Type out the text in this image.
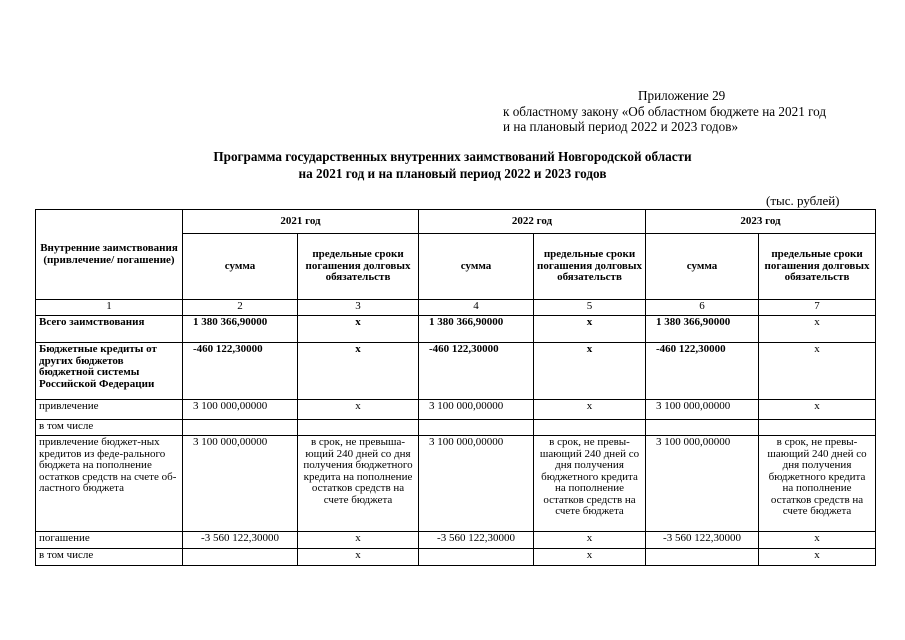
Приложение 29
к областному закону «Об областном бюджете на 2021 год
и на плановый период 2022 и 2023 годов»
Программа государственных внутренних заимствований Новгородской области
на 2021 год и на плановый период 2022 и 2023 годов
(тыс. рублей)
Внутренние заимствования (привлечение/ погашение)	2021 год		2022 год		2023 год	
	сумма	предельные сроки погашения долговых обязательств	сумма	предельные сроки погашения долговых обязательств	сумма	предельные сроки погашения долговых обязательств
1	2	3	4	5	6	7
Всего заимствования	1 380 366,90000	x	1 380 366,90000	x	1 380 366,90000	x
Бюджетные кредиты от других бюджетов бюджетной системы Российской Федерации	-460 122,30000	x	-460 122,30000	x	-460 122,30000	x
привлечение	3 100 000,00000	x	3 100 000,00000	x	3 100 000,00000	x
в том числе						
привлечение бюджет-ных кредитов из феде-рального бюджета на пополнение остатков средств на счете об-ластного бюджета	3 100 000,00000	в срок, не превыша-ющий 240 дней со дня получения бюджетного кредита на пополнение остатков средств на счете бюджета	3 100 000,00000	в срок, не превы-шающий 240 дней со дня получения бюджетного кредита на пополнение остатков средств на счете бюджета	3 100 000,00000	в срок, не превы-шающий 240 дней со дня получения бюджетного кредита на пополнение остатков средств на счете бюджета
погашение	-3 560 122,30000	x	-3 560 122,30000	x	-3 560 122,30000	x
в том числе		x		x		x
